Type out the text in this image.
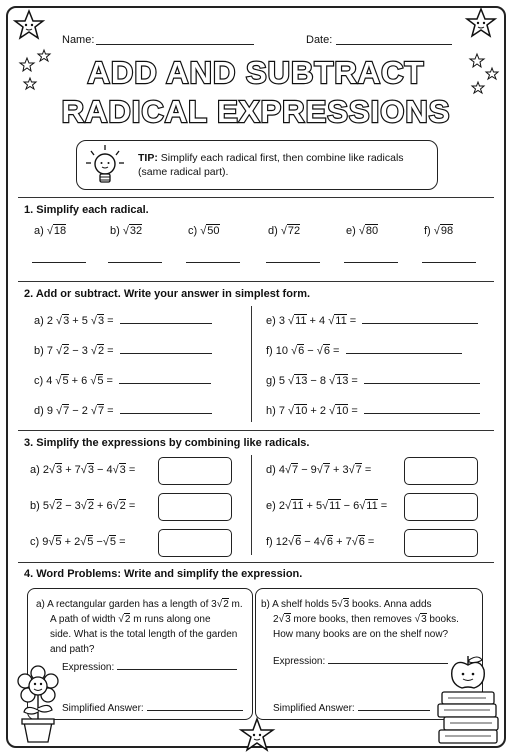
Name:	Date:
ADD AND SUBTRACT
RADICAL EXPRESSIONS
TIP: Simplify each radical first, then combine like radicals (same radical part).
1. Simplify each radical.
a) √18	b) √32	c) √50	d) √72	e) √80	f) √98
2. Add or subtract. Write your answer in simplest form.
a) 2 √3 + 5 √3 =
b) 7 √2 − 3 √2 =
c) 4 √5 + 6 √5 =
d) 9 √7 − 2 √7 =
e) 3 √11 + 4 √11 =
f) 10 √6 − √6 =
g) 5 √13 − 8 √13 =
h) 7 √10 + 2 √10 =
3. Simplify the expressions by combining like radicals.
a) 2√3 + 7√3 − 4√3 =
b) 5√2 − 3√2 + 6√2 =
c) 9√5 + 2√5 −√5 =
d) 4√7 − 9√7 + 3√7 =
e) 2√11 + 5√11 − 6√11 =
f) 12√6 − 4√6 + 7√6 =
4. Word Problems: Write and simplify the expression.
a) A rectangular garden has a length of 3√2 m.
A path of width √2 m runs along one
side. What is the total length of the garden
and path?
Expression:
Simplified Answer:
b) A shelf holds 5√3 books. Anna adds
2√3 more books, then removes √3 books.
How many books are on the shelf now?
Expression:
Simplified Answer:
